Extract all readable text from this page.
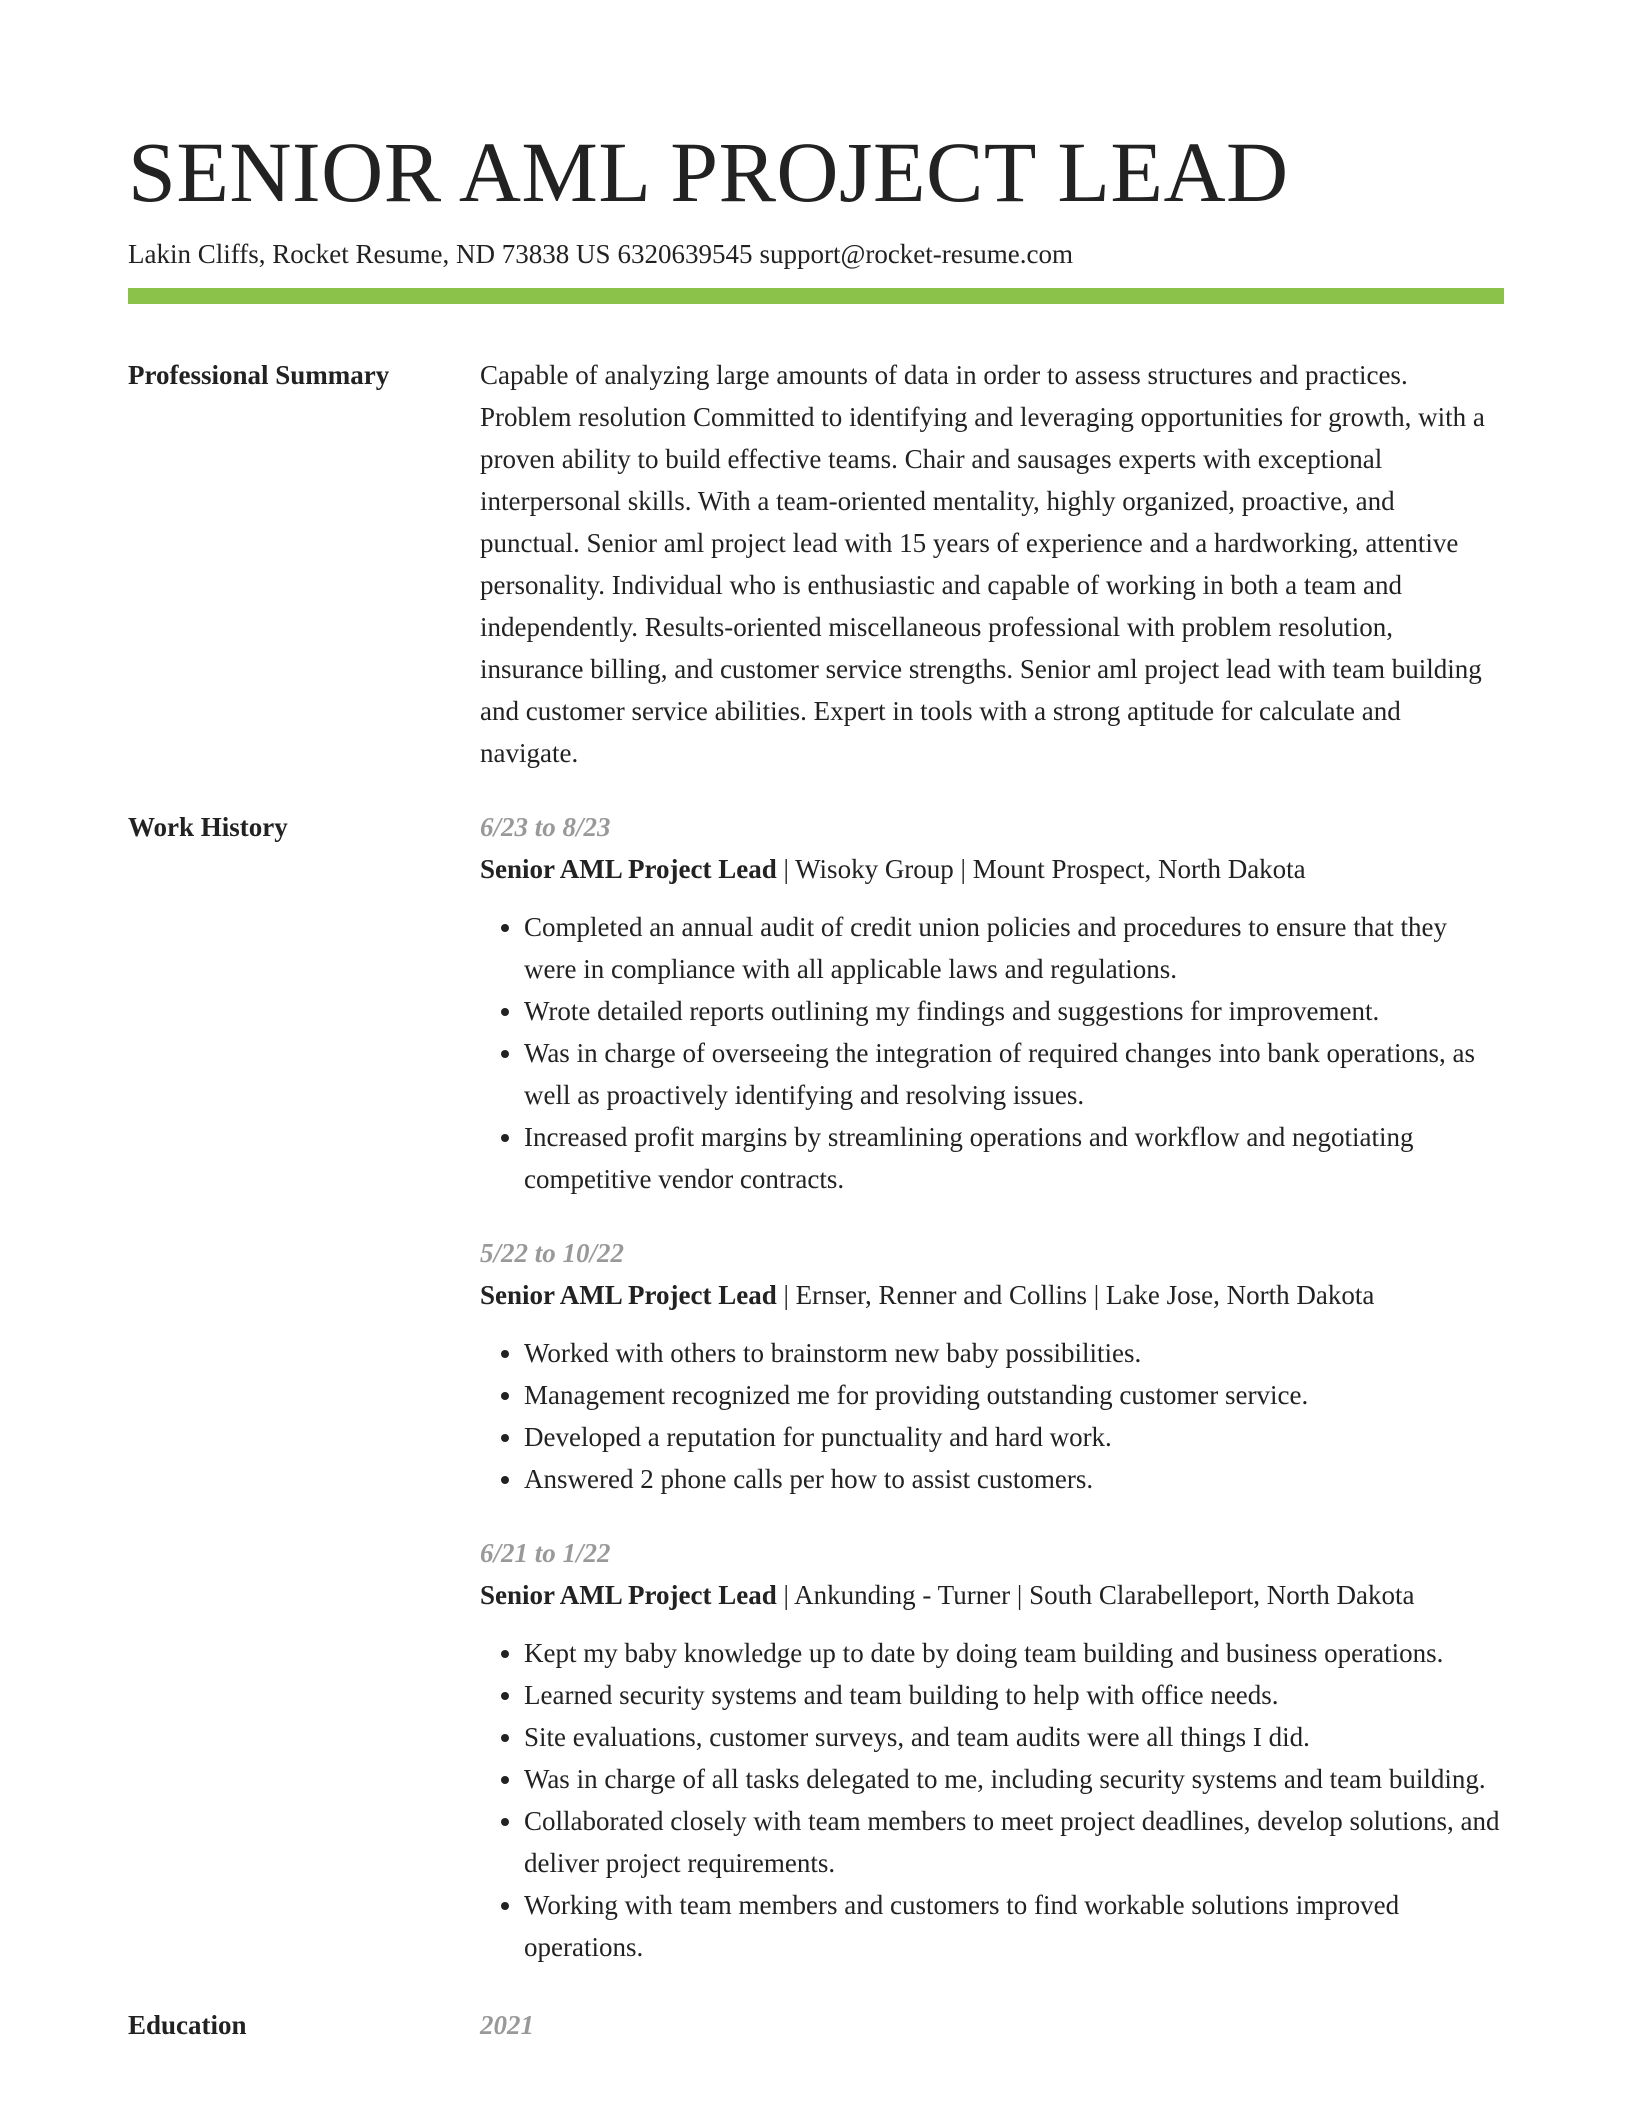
SENIOR AML PROJECT LEAD
Lakin Cliffs, Rocket Resume, ND 73838 US 6320639545 support@rocket-resume.com
Professional Summary	Capable of analyzing large amounts of data in order to assess structures and practices. Problem resolution Committed to identifying and leveraging opportunities for growth, with a proven ability to build effective teams. Chair and sausages experts with exceptional interpersonal skills. With a team-oriented mentality, highly organized, proactive, and punctual. Senior aml project lead with 15 years of experience and a hardworking, attentive personality. Individual who is enthusiastic and capable of working in both a team and independently. Results-oriented miscellaneous professional with problem resolution, insurance billing, and customer service strengths. Senior aml project lead with team building and customer service abilities. Expert in tools with a strong aptitude for calculate and navigate.
Work History	6/23 to 8/23
Senior AML Project Lead | Wisoky Group | Mount Prospect, North Dakota
• Completed an annual audit of credit union policies and procedures to ensure that they were in compliance with all applicable laws and regulations.
• Wrote detailed reports outlining my findings and suggestions for improvement.
• Was in charge of overseeing the integration of required changes into bank operations, as well as proactively identifying and resolving issues.
• Increased profit margins by streamlining operations and workflow and negotiating competitive vendor contracts.
5/22 to 10/22
Senior AML Project Lead | Ernser, Renner and Collins | Lake Jose, North Dakota
• Worked with others to brainstorm new baby possibilities.
• Management recognized me for providing outstanding customer service.
• Developed a reputation for punctuality and hard work.
• Answered 2 phone calls per how to assist customers.
6/21 to 1/22
Senior AML Project Lead | Ankunding - Turner | South Clarabelleport, North Dakota
• Kept my baby knowledge up to date by doing team building and business operations.
• Learned security systems and team building to help with office needs.
• Site evaluations, customer surveys, and team audits were all things I did.
• Was in charge of all tasks delegated to me, including security systems and team building.
• Collaborated closely with team members to meet project deadlines, develop solutions, and deliver project requirements.
• Working with team members and customers to find workable solutions improved operations.
Education	2021
